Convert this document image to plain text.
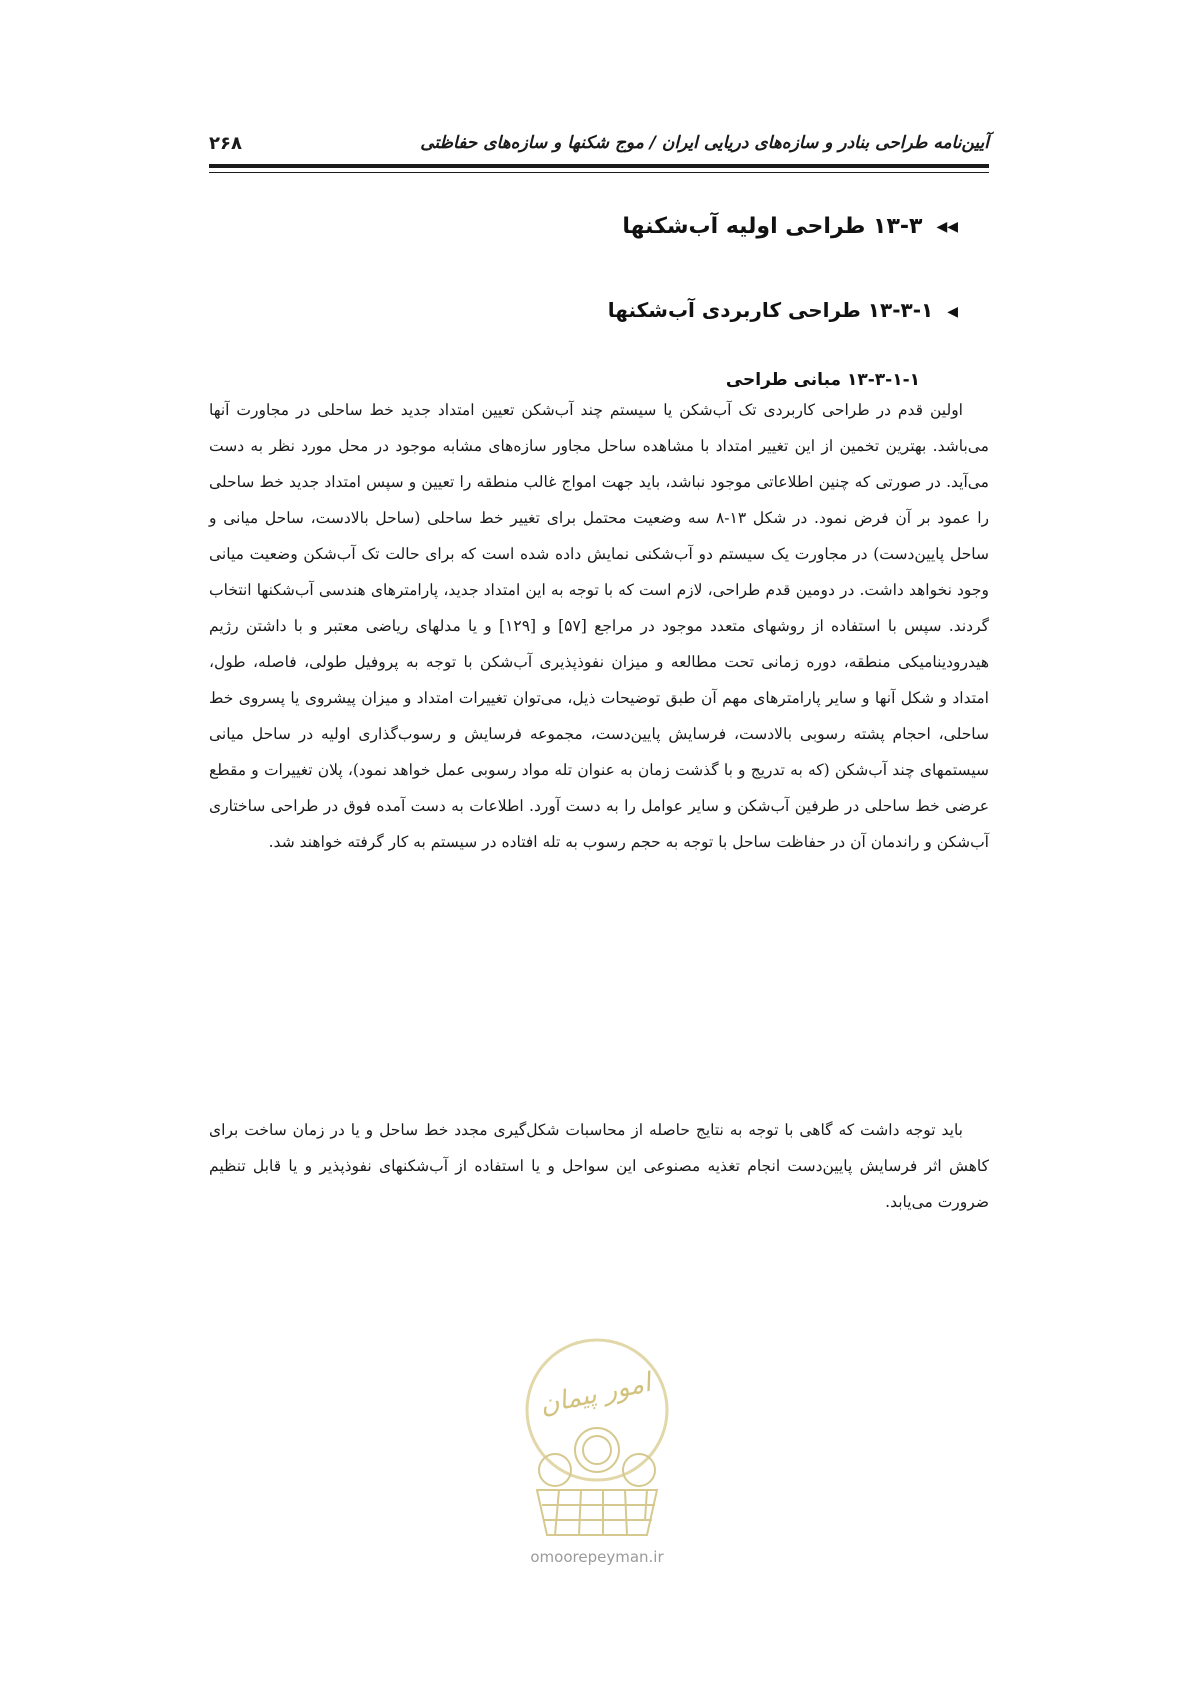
۲۶۸	آیین‌نامه طراحی بنادر و سازه‌های دریایی ایران / موج شکنها و سازه‌های حفاظتی
◀◀۱۳-۳ طراحی اولیه آب‌شکنها
◀۱۳-۳-۱ طراحی کاربردی آب‌شکنها
۱۳-۳-۱-۱ مبانی طراحی

اولین قدم در طراحی کاربردی تک آب‌شکن یا سیستم چند آب‌شکن تعیین امتداد جدید خط ساحلی در مجاورت آنها می‌باشد. بهترین تخمین از این تغییر امتداد با مشاهده ساحل مجاور سازه‌های مشابه موجود در محل مورد نظر به دست می‌آید. در صورتی که چنین اطلاعاتی موجود نباشد، باید جهت امواج غالب منطقه را تعیین و سپس امتداد جدید خط ساحلی را عمود بر آن فرض نمود. در شکل ۱۳-۸ سه وضعیت محتمل برای تغییر خط ساحلی (ساحل بالادست، ساحل میانی و ساحل پایین‌دست) در مجاورت یک سیستم دو آب‌شکنی نمایش داده شده است که برای حالت تک آب‌شکن وضعیت میانی وجود نخواهد داشت. در دومین قدم طراحی، لازم است که با توجه به این امتداد جدید، پارامترهای هندسی آب‌شکنها انتخاب گردند. سپس با استفاده از روشهای متعدد موجود در مراجع [۵۷] و [۱۲۹] و یا مدلهای ریاضی معتبر و با داشتن رژیم هیدرودینامیکی منطقه، دوره زمانی تحت مطالعه و میزان نفوذپذیری آب‌شکن با توجه به پروفیل طولی، فاصله، طول، امتداد و شکل آنها و سایر پارامترهای مهم آن طبق توضیحات ذیل، می‌توان تغییرات امتداد و میزان پیشروی یا پسروی خط ساحلی، احجام پشته رسوبی بالادست، فرسایش پایین‌دست، مجموعه فرسایش و رسوب‌گذاری اولیه در ساحل میانی سیستمهای چند آب‌شکن (که به تدریج و با گذشت زمان به عنوان تله مواد رسوبی عمل خواهد نمود)، پلان تغییرات و مقطع عرضی خط ساحلی در طرفین آب‌شکن و سایر عوامل را به دست آورد. اطلاعات به دست آمده فوق در طراحی ساختاری آب‌شکن و راندمان آن در حفاظت ساحل با توجه به حجم رسوب به تله افتاده در سیستم به کار گرفته خواهند شد.

باید توجه داشت که گاهی با توجه به نتایج حاصله از محاسبات شکل‌گیری مجدد خط ساحل و یا در زمان ساخت برای کاهش اثر فرسایش پایین‌دست انجام تغذیه مصنوعی این سواحل و یا استفاده از آب‌شکنهای نفوذپذیر و یا قابل تنظیم ضرورت می‌یابد.

امور پیمان
omoorepeyman.ir
